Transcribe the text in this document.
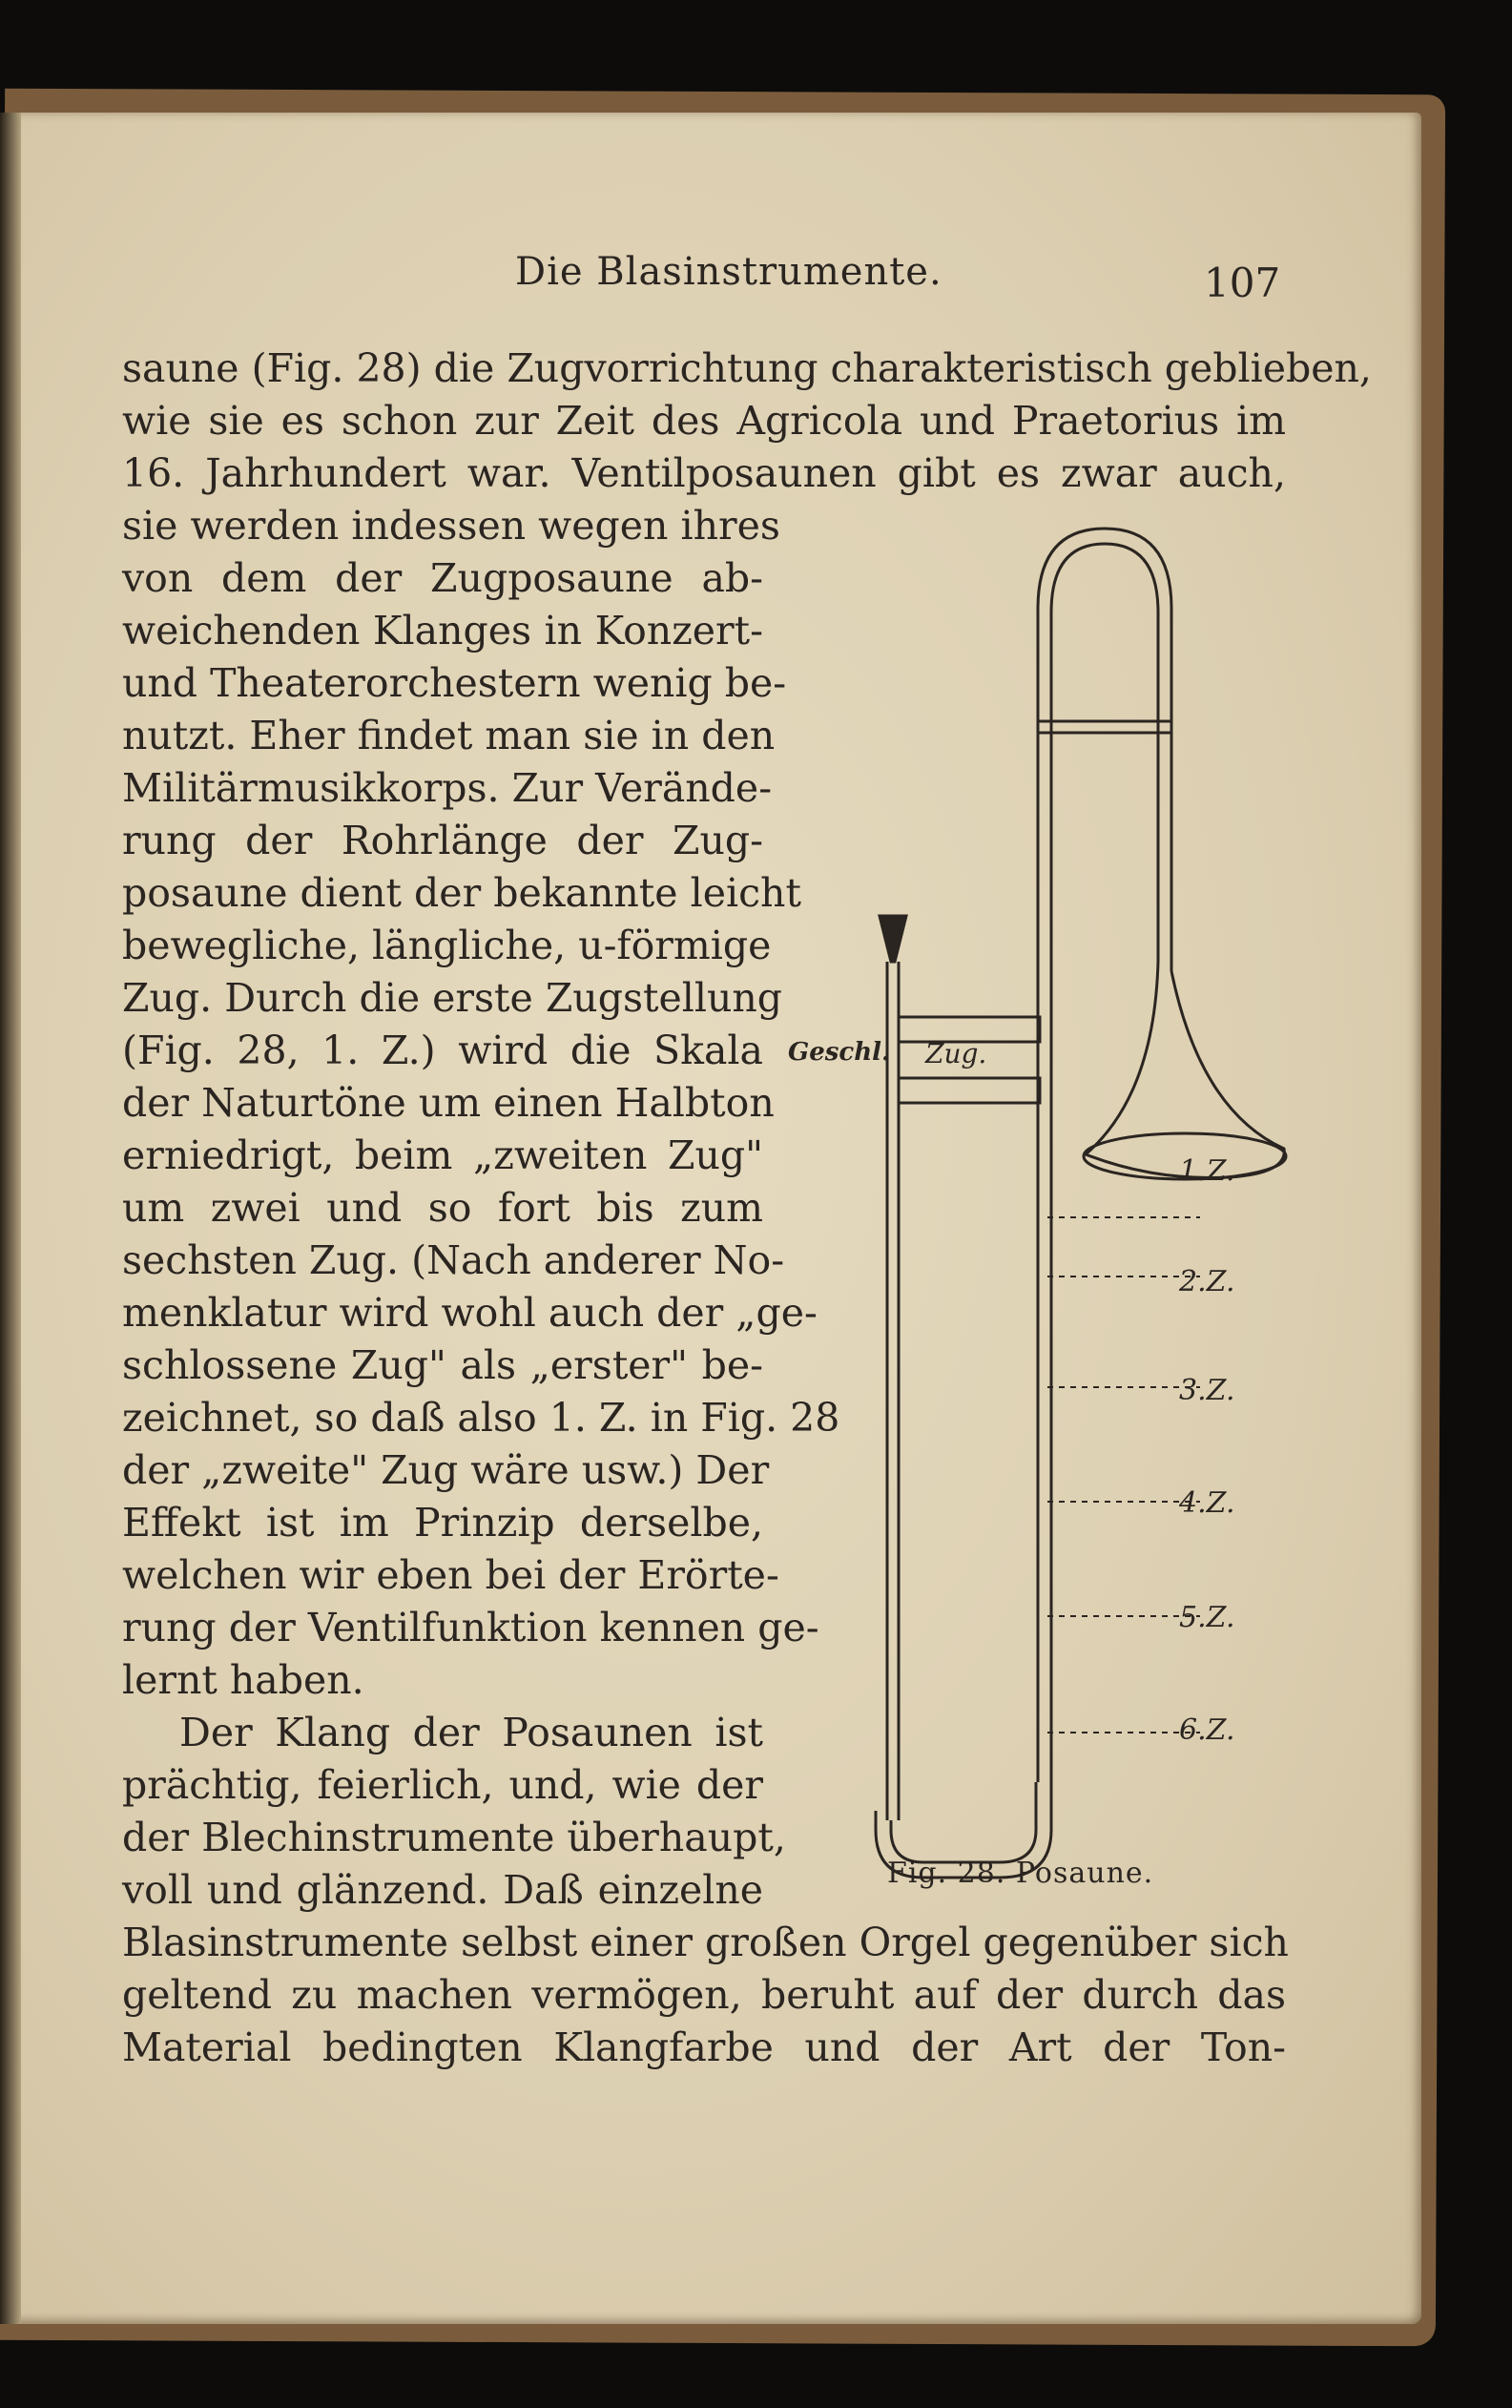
Die Blasinstrumente.	107
saune (Fig. 28) die Zugvorrichtung charakteristisch geblieben,
wie sie es schon zur Zeit des Agricola und Praetorius im
16. Jahrhundert war. Ventilposaunen gibt es zwar auch,
sie werden indessen wegen ihres
von dem der Zugposaune ab-
weichenden Klanges in Konzert-
und Theaterorchestern wenig be-
nutzt. Eher findet man sie in den
Militärmusikkorps. Zur Verände-
rung der Rohrlänge der Zug-
posaune dient der bekannte leicht
bewegliche, längliche, u-förmige
Zug. Durch die erste Zugstellung
(Fig. 28, 1. Z.) wird die Skala
der Naturtöne um einen Halbton
erniedrigt, beim „zweiten Zug"
um zwei und so fort bis zum
sechsten Zug. (Nach anderer No-
menklatur wird wohl auch der „ge-
schlossene Zug" als „erster" be-
zeichnet, so daß also 1. Z. in Fig. 28
der „zweite" Zug wäre usw.) Der
Effekt ist im Prinzip derselbe,
welchen wir eben bei der Erörte-
rung der Ventilfunktion kennen ge-
lernt haben.
Der Klang der Posaunen ist
prächtig, feierlich, und, wie der
der Blechinstrumente überhaupt,
voll und glänzend. Daß einzelne
Blasinstrumente selbst einer großen Orgel gegenüber sich
geltend zu machen vermögen, beruht auf der durch das
Material bedingten Klangfarbe und der Art der Ton-
Geschl. Zug.
1.Z.
2.Z.
3.Z.
4.Z.
5.Z.
6.Z.
Fig. 28. Posaune.
